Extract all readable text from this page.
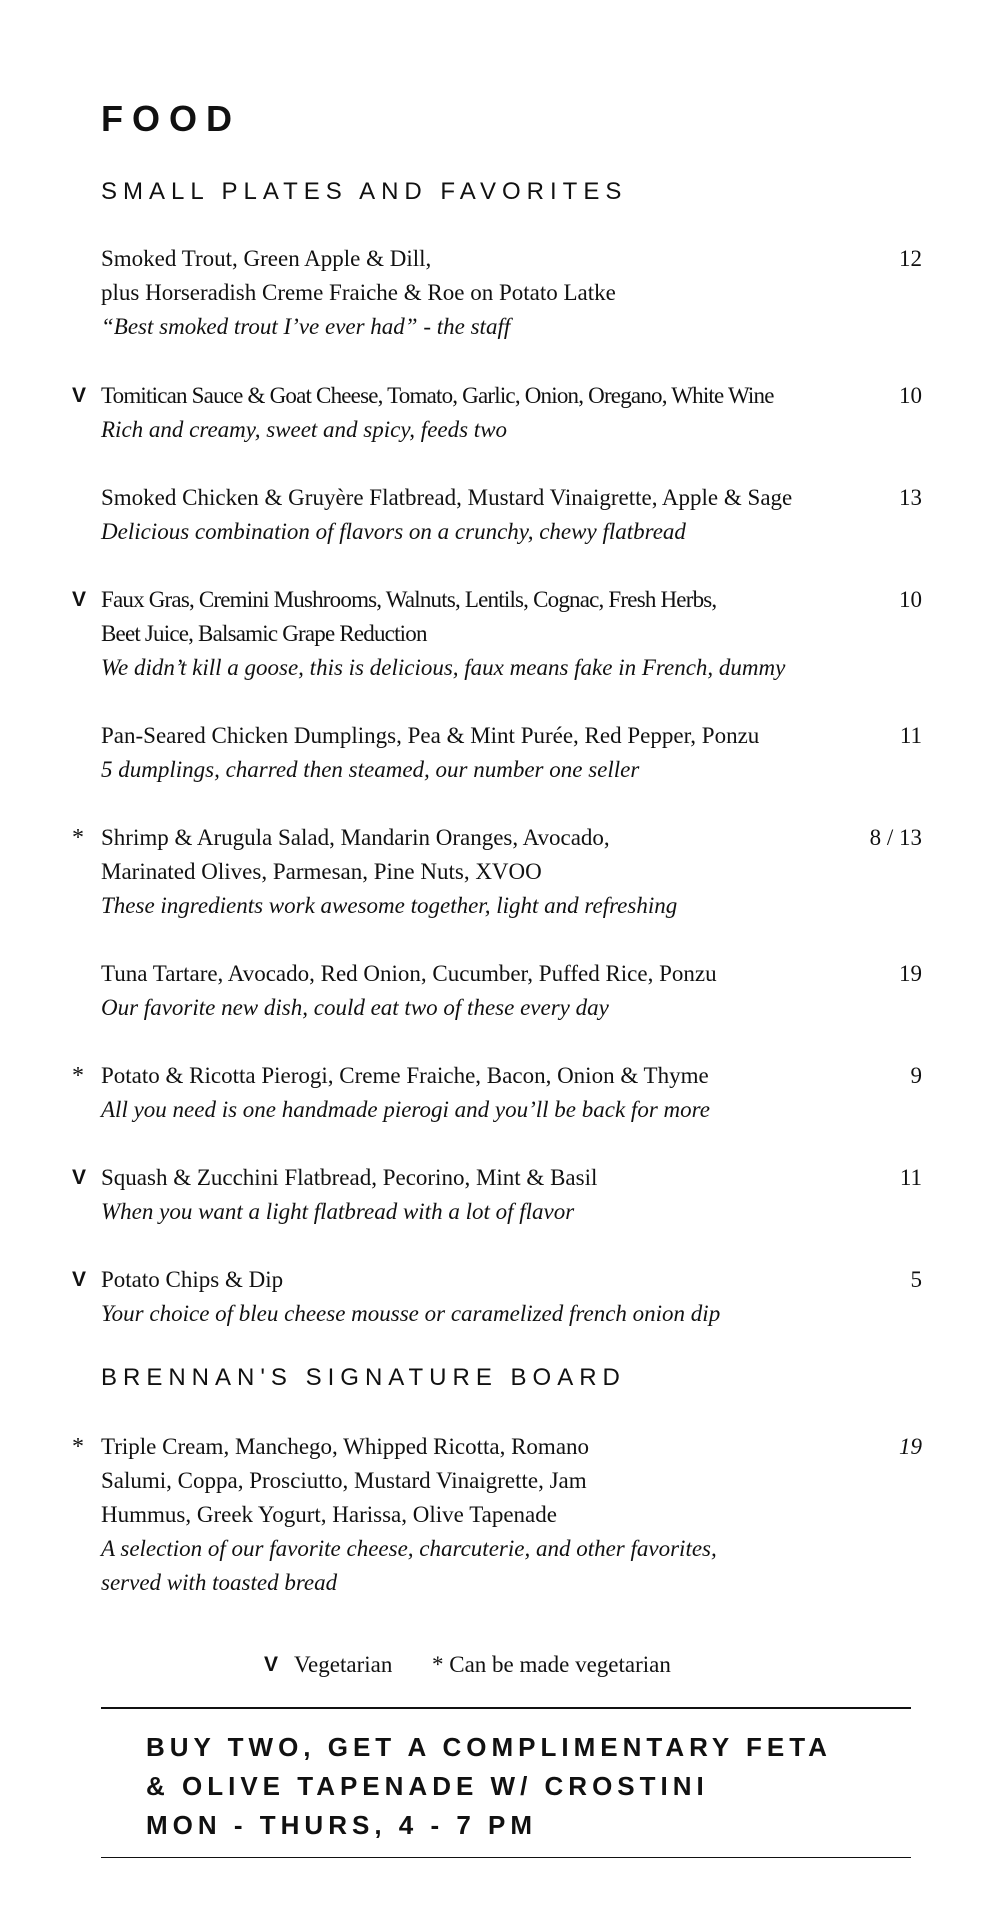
FOOD
SMALL PLATES AND FAVORITES
Smoked Trout, Green Apple & Dill,
plus Horseradish Creme Fraiche & Roe on Potato Latke
“Best smoked trout I’ve ever had” - the staff
12
V Tomitican Sauce & Goat Cheese, Tomato, Garlic, Onion, Oregano, White Wine
Rich and creamy, sweet and spicy, feeds two
10
Smoked Chicken & Gruyère Flatbread, Mustard Vinaigrette, Apple & Sage
Delicious combination of flavors on a crunchy, chewy flatbread
13
V Faux Gras, Cremini Mushrooms, Walnuts, Lentils, Cognac, Fresh Herbs,
Beet Juice, Balsamic Grape Reduction
We didn’t kill a goose, this is delicious, faux means fake in French, dummy
10
Pan-Seared Chicken Dumplings, Pea & Mint Purée, Red Pepper, Ponzu
5 dumplings, charred then steamed, our number one seller
11
* Shrimp & Arugula Salad, Mandarin Oranges, Avocado,
Marinated Olives, Parmesan, Pine Nuts, XVOO
These ingredients work awesome together, light and refreshing
8 / 13
Tuna Tartare, Avocado, Red Onion, Cucumber, Puffed Rice, Ponzu
Our favorite new dish, could eat two of these every day
19
* Potato & Ricotta Pierogi, Creme Fraiche, Bacon, Onion & Thyme
All you need is one handmade pierogi and you’ll be back for more
9
V Squash & Zucchini Flatbread, Pecorino, Mint & Basil
When you want a light flatbread with a lot of flavor
11
V Potato Chips & Dip
Your choice of bleu cheese mousse or caramelized french onion dip
5
BRENNAN'S SIGNATURE BOARD
* Triple Cream, Manchego, Whipped Ricotta, Romano
Salumi, Coppa, Prosciutto, Mustard Vinaigrette, Jam
Hummus, Greek Yogurt, Harissa, Olive Tapenade
A selection of our favorite cheese, charcuterie, and other favorites,
served with toasted bread
19
V Vegetarian * Can be made vegetarian
BUY TWO, GET A COMPLIMENTARY FETA
& OLIVE TAPENADE W/ CROSTINI
MON - THURS, 4 - 7 PM
